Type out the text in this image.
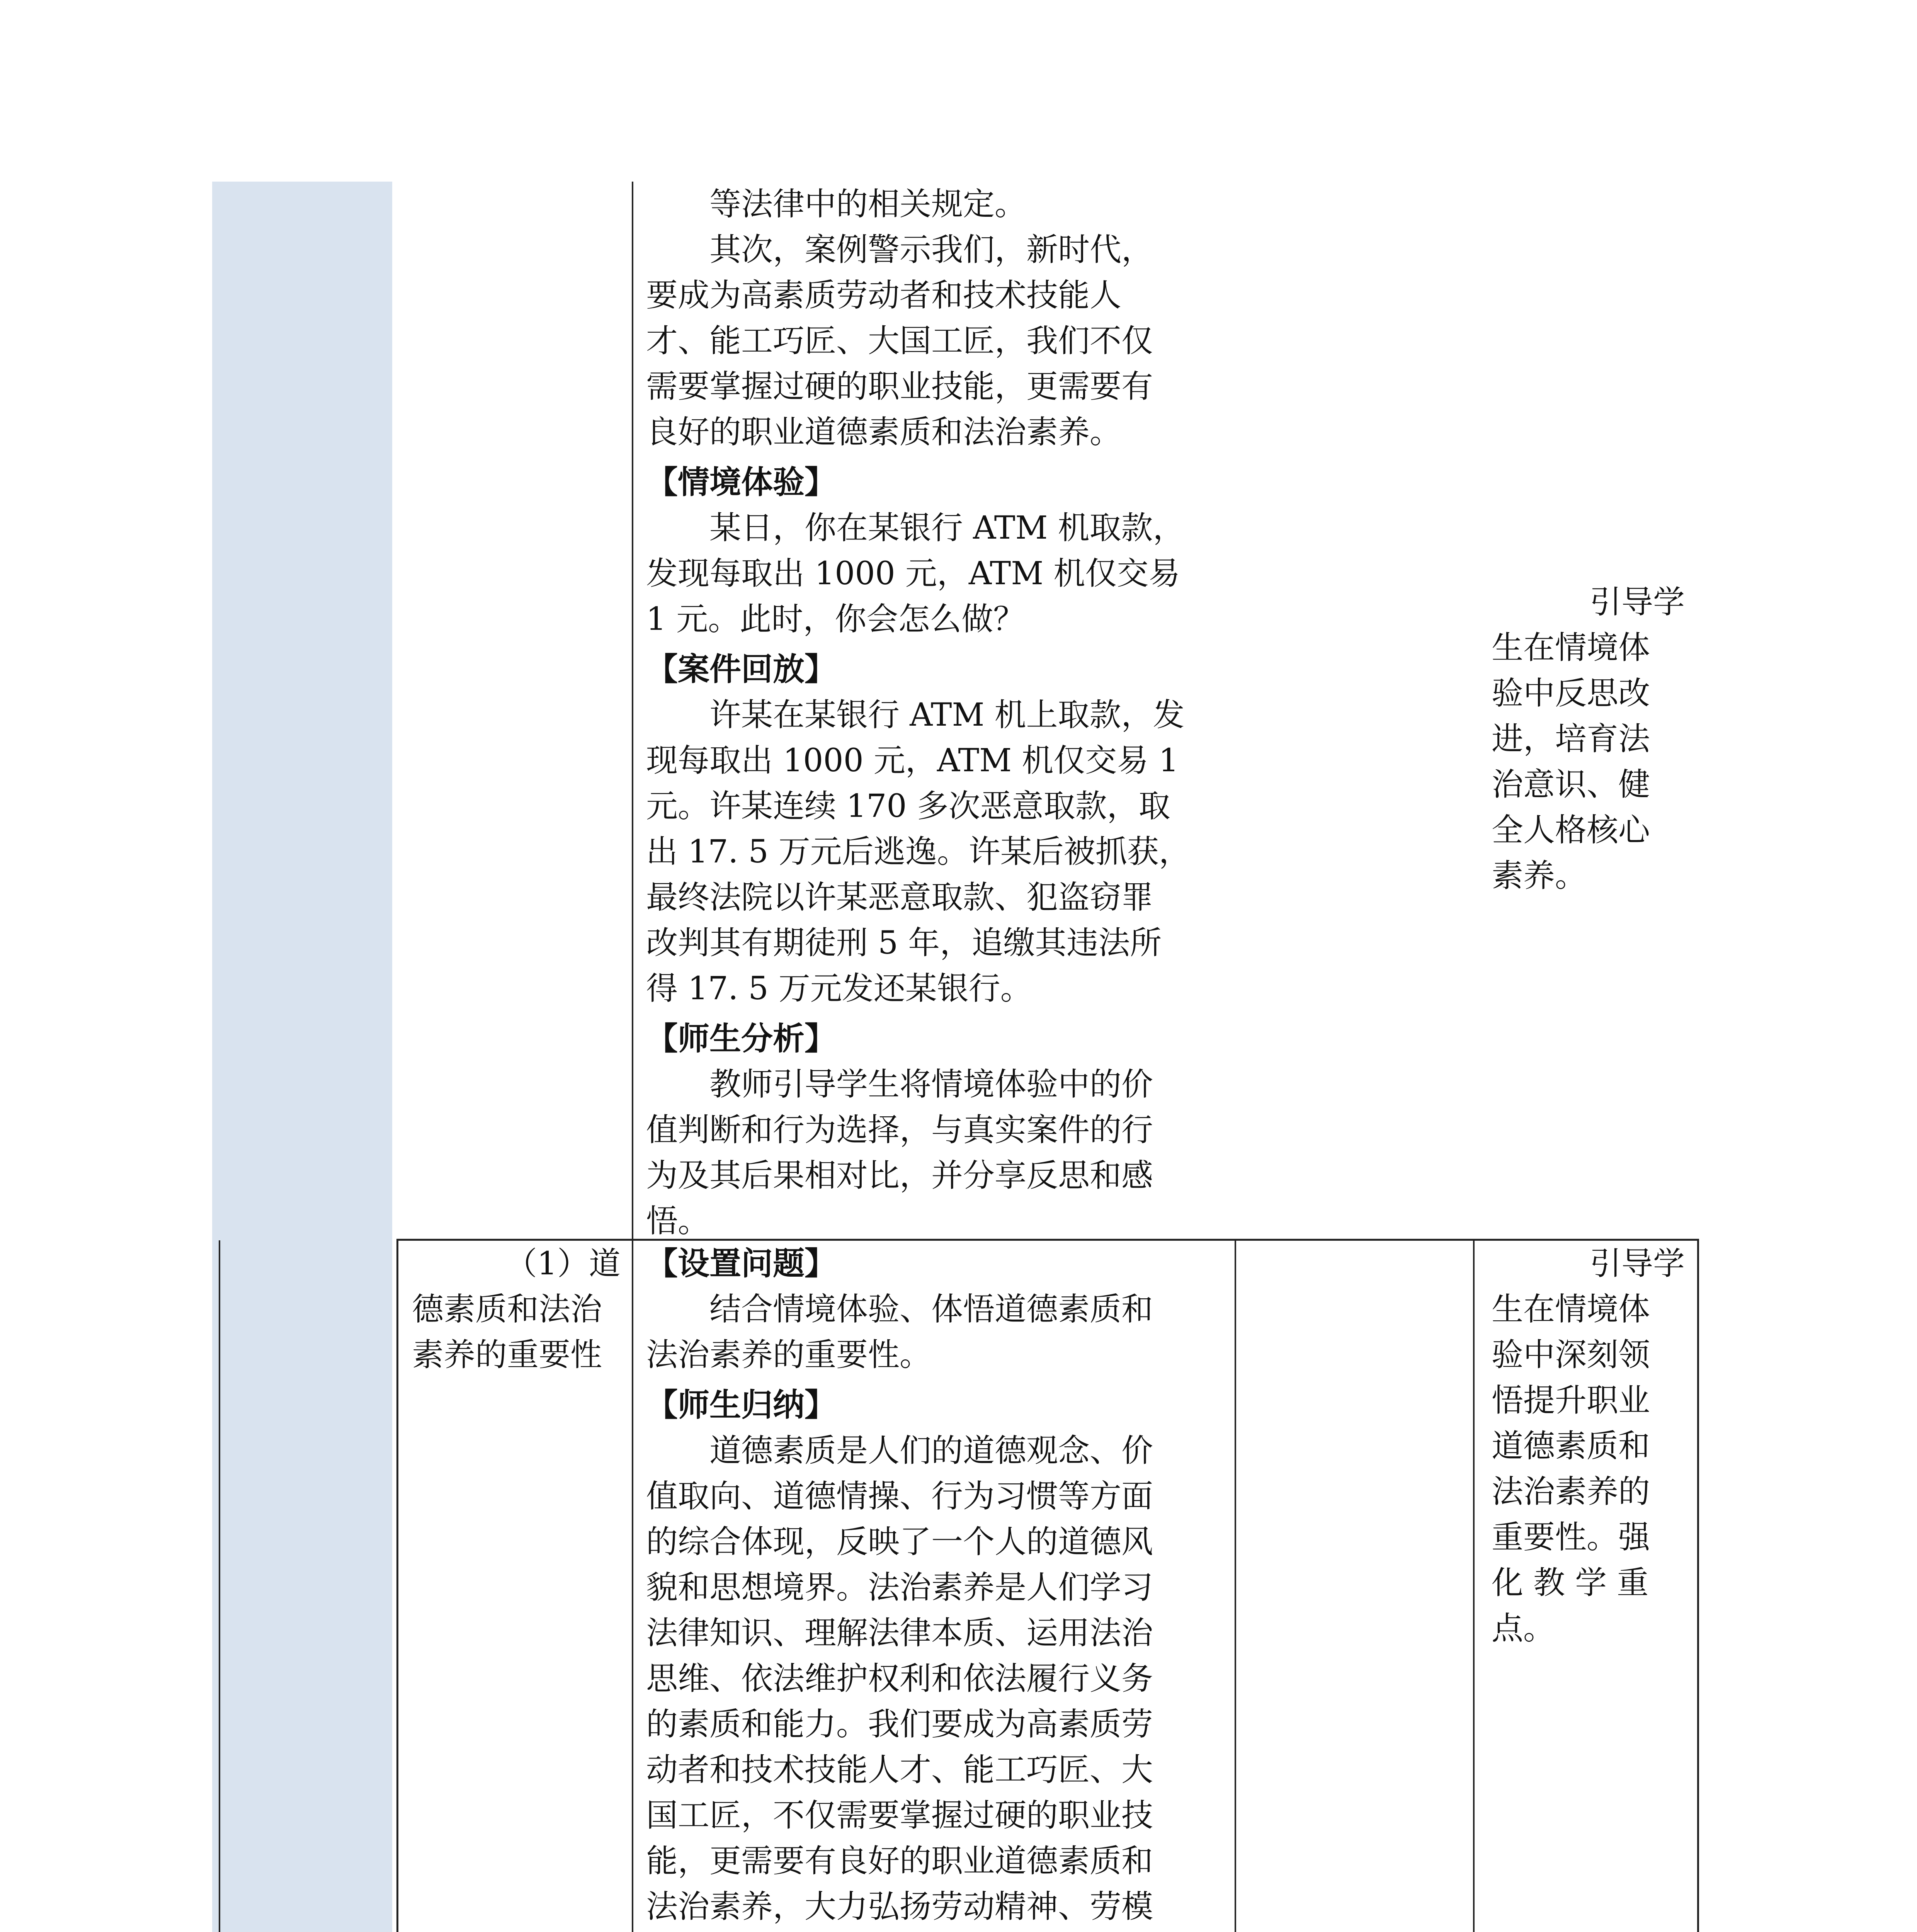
等法律中的相关规定。

其次，案例警示我们，新时代，

要成为高素质劳动者和技术技能人

才、能工巧匠、大国工匠，我们不仅

需要掌握过硬的职业技能，更需要有

良好的职业道德素质和法治素养。

【情境体验】

某日，你在某银行 ATM 机取款，

发现每取出 1000 元，ATM 机仅交易

1 元。此时，你会怎么做？

【案件回放】

许某在某银行 ATM 机上取款，发

现每取出 1000 元，ATM 机仅交易 1

元。许某连续 170 多次恶意取款，取

出 17. 5 万元后逃逸。许某后被抓获，

最终法院以许某恶意取款、犯盗窃罪

改判其有期徒刑 5 年，追缴其违法所

得 17. 5 万元发还某银行。

【师生分析】

教师引导学生将情境体验中的价

值判断和行为选择，与真实案件的行

为及其后果相对比，并分享反思和感

悟。

引导学

生在情境体

验中反思改

进，培育法

治意识、健

全人格核心

素养。

（1）道

德素质和法治

素养的重要性

【设置问题】

结合情境体验、体悟道德素质和

法治素养的重要性。

【师生归纳】

道德素质是人们的道德观念、价

值取向、道德情操、行为习惯等方面

的综合体现，反映了一个人的道德风

貌和思想境界。法治素养是人们学习

法律知识、理解法律本质、运用法治

思维、依法维护权利和依法履行义务

的素质和能力。我们要成为高素质劳

动者和技术技能人才、能工巧匠、大

国工匠，不仅需要掌握过硬的职业技

能，更需要有良好的职业道德素质和

法治素养，大力弘扬劳动精神、劳模

引导学

生在情境体

验中深刻领

悟提升职业

道德素质和

法治素养的

重要性。强

化 教 学 重

点。
